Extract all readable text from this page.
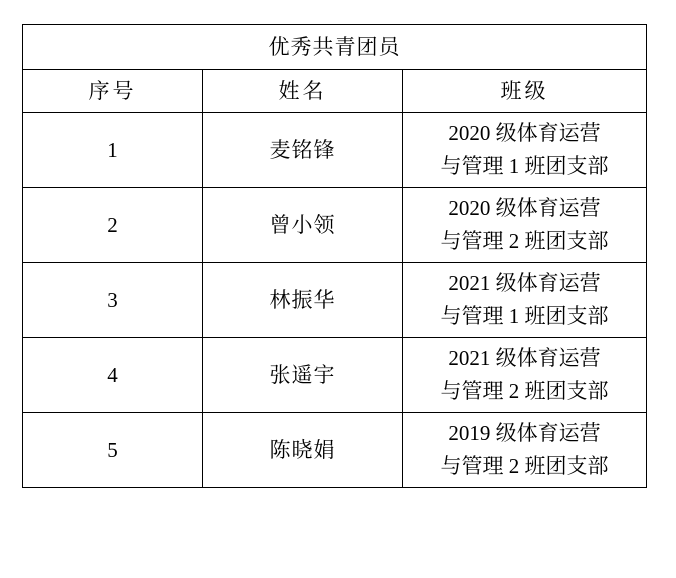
优秀共青团员		
序号	姓名	班级
1	麦铭锋	2020 级体育运营
与管理 1 班团支部

2	曾小领	2020 级体育运营
与管理 2 班团支部

3	林振华	2021 级体育运营
与管理 1 班团支部

4	张遥宇	2021 级体育运营
与管理 2 班团支部

5	陈晓娟	2019 级体育运营
与管理 2 班团支部
